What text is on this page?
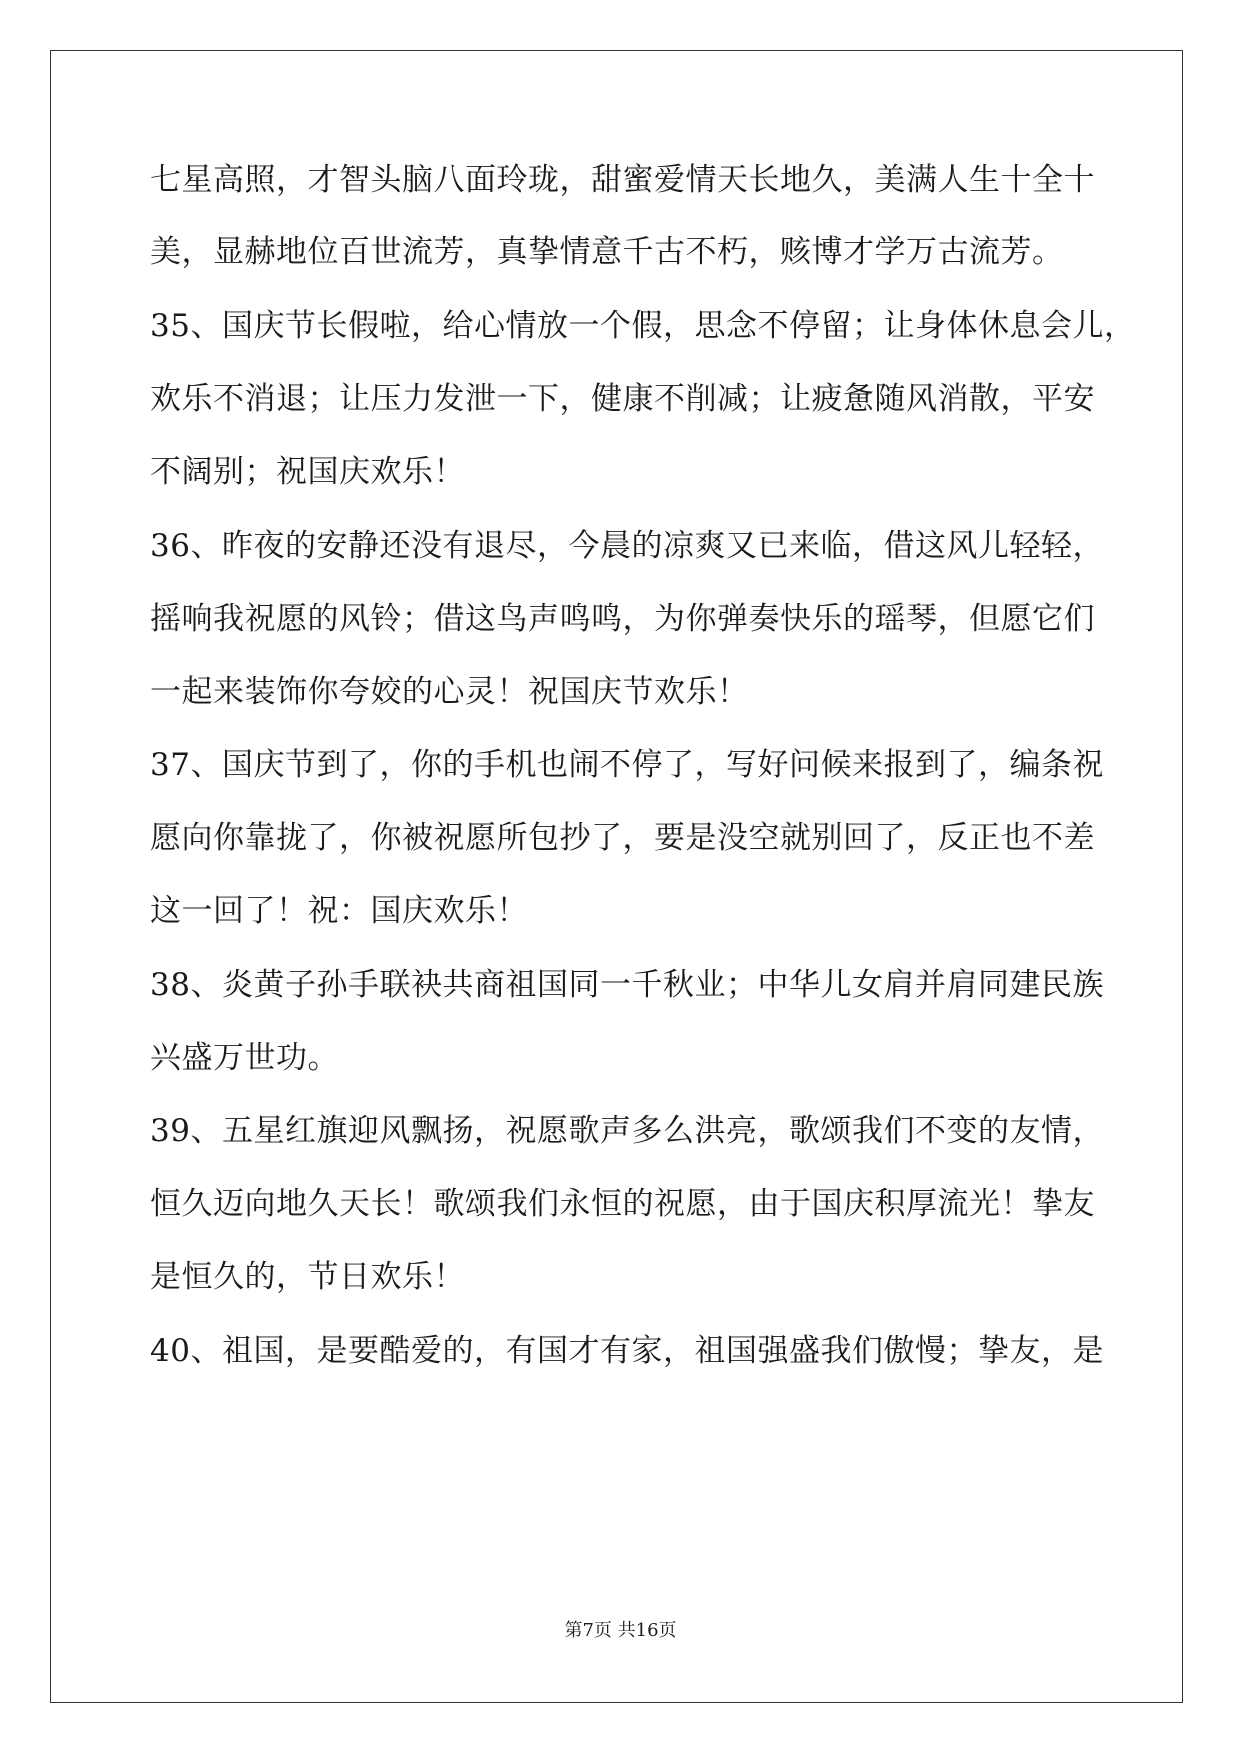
七星高照，才智头脑八面玲珑，甜蜜爱情天长地久，美满人生十全十
美，显赫地位百世流芳，真挚情意千古不朽，赅博才学万古流芳。
35、国庆节长假啦，给心情放一个假，思念不停留；让身体休息会儿，
欢乐不消退；让压力发泄一下，健康不削减；让疲惫随风消散，平安
不阔别；祝国庆欢乐！
36、昨夜的安静还没有退尽，今晨的凉爽又已来临，借这风儿轻轻，
摇响我祝愿的风铃；借这鸟声鸣鸣，为你弹奏快乐的瑶琴，但愿它们
一起来装饰你夸姣的心灵！祝国庆节欢乐！
37、国庆节到了，你的手机也闹不停了，写好问候来报到了，编条祝
愿向你靠拢了，你被祝愿所包抄了，要是没空就别回了，反正也不差
这一回了！祝：国庆欢乐！
38、炎黄子孙手联袂共商祖国同一千秋业；中华儿女肩并肩同建民族
兴盛万世功。
39、五星红旗迎风飘扬，祝愿歌声多么洪亮，歌颂我们不变的友情，
恒久迈向地久天长！歌颂我们永恒的祝愿，由于国庆积厚流光！挚友
是恒久的，节日欢乐！
40、祖国，是要酷爱的，有国才有家，祖国强盛我们傲慢；挚友，是
第7页 共16页
